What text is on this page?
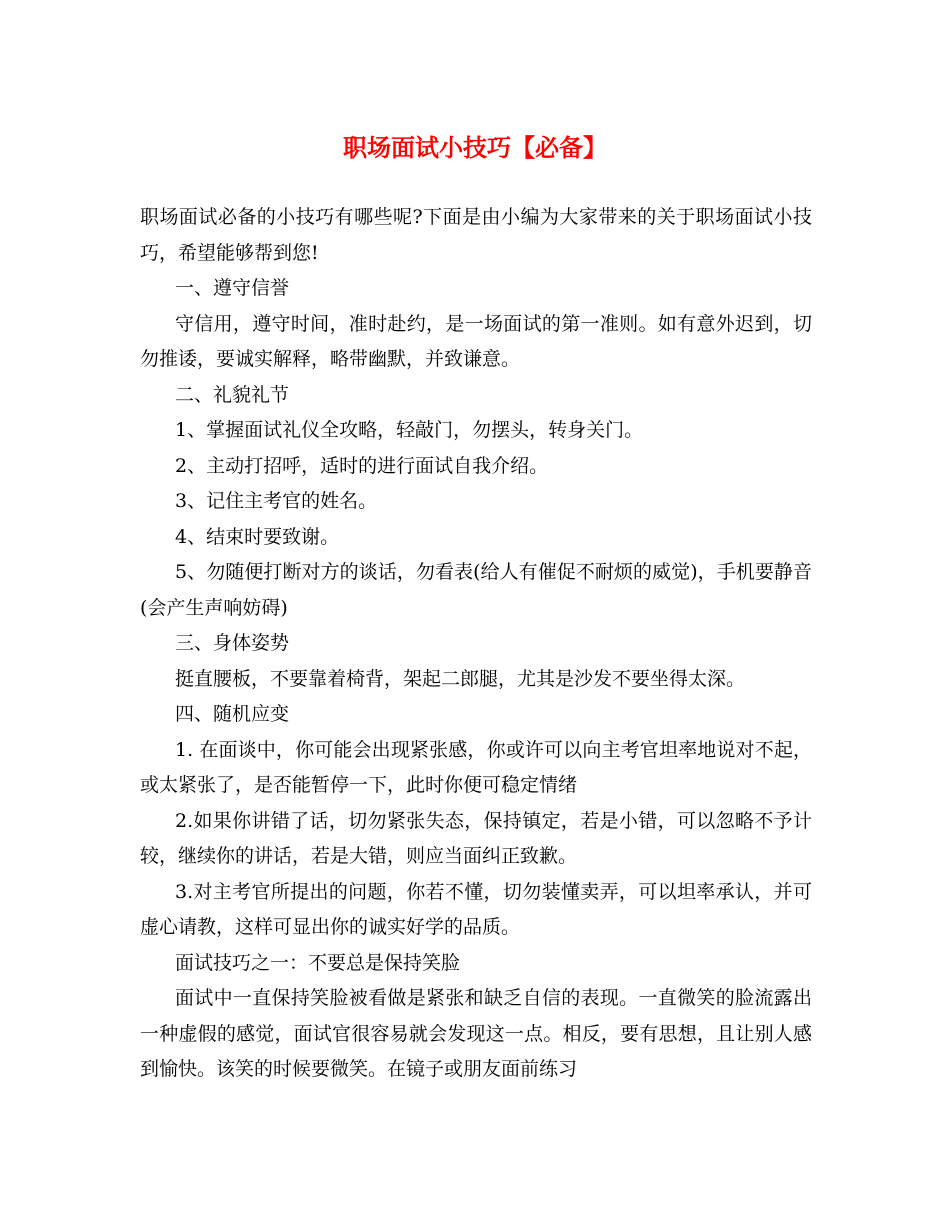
职场面试小技巧【必备】

职场面试必备的小技巧有哪些呢?下面是由小编为大家带来的关于职场面试小技巧，希望能够帮到您!

一、遵守信誉

守信用，遵守时间，准时赴约，是一场面试的第一准则。如有意外迟到，切勿推诿，要诚实解释，略带幽默，并致谦意。

二、礼貌礼节

1、掌握面试礼仪全攻略，轻敲门，勿摆头，转身关门。

2、主动打招呼，适时的进行面试自我介绍。

3、记住主考官的姓名。

4、结束时要致谢。

5、勿随便打断对方的谈话，勿看表(给人有催促不耐烦的威觉)，手机要静音(会产生声响妨碍)

三、身体姿势

挺直腰板，不要靠着椅背，架起二郎腿，尤其是沙发不要坐得太深。

四、随机应变

1. 在面谈中，你可能会出现紧张感，你或许可以向主考官坦率地说对不起，或太紧张了，是否能暂停一下，此时你便可稳定情绪

2.如果你讲错了话，切勿紧张失态，保持镇定，若是小错，可以忽略不予计 较，继续你的讲话，若是大错，则应当面纠正致歉。

3.对主考官所提出的问题，你若不懂，切勿装懂卖弄，可以坦率承认，并可虚心请教，这样可显出你的诚实好学的品质。

面试技巧之一：不要总是保持笑脸

面试中一直保持笑脸被看做是紧张和缺乏自信的表现。一直微笑的脸流露出一种虚假的感觉，面试官很容易就会发现这一点。相反，要有思想，且让别人感到愉快。该笑的时候要微笑。在镜子或朋友面前练习
